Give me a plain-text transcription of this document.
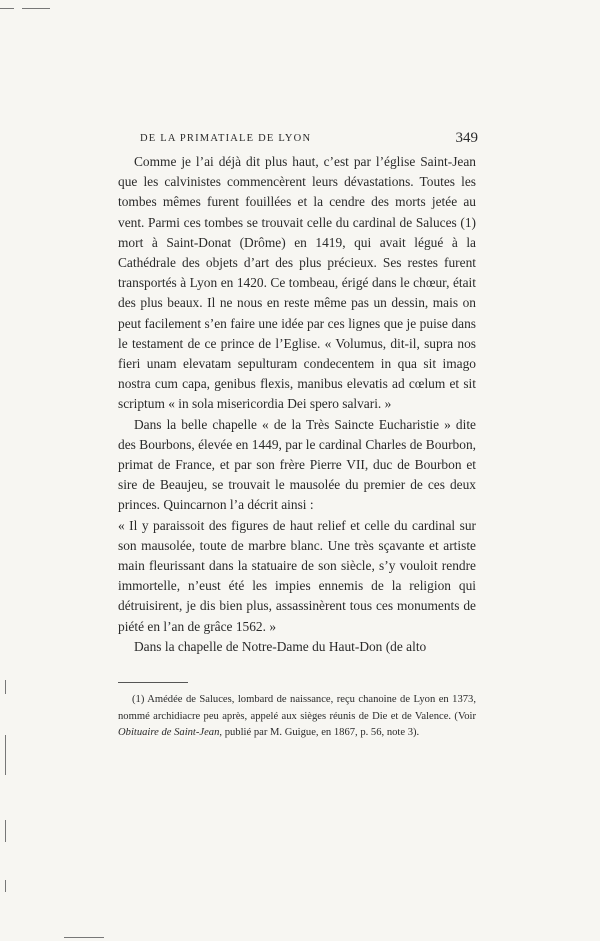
DE LA PRIMATIALE DE LYON	349

Comme je l’ai déjà dit plus haut, c’est par l’église Saint-Jean que les calvinistes commencèrent leurs dévastations. Toutes les tombes mêmes furent fouillées et la cendre des morts jetée au vent. Parmi ces tombes se trouvait celle du cardinal de Saluces (1) mort à Saint-Donat (Drôme) en 1419, qui avait légué à la Cathédrale des objets d’art des plus précieux. Ses restes furent transportés à Lyon en 1420. Ce tombeau, érigé dans le chœur, était des plus beaux. Il ne nous en reste même pas un dessin, mais on peut facilement s’en faire une idée par ces lignes que je puise dans le testament de ce prince de l’Eglise. « Volumus, dit-il, supra nos fieri unam elevatam sepulturam condecentem in qua sit imago nostra cum capa, genibus flexis, manibus elevatis ad cœlum et sit scriptum « in sola misericordia Dei spero salvari. »

Dans la belle chapelle « de la Très Saincte Eucharistie » dite des Bourbons, élevée en 1449, par le cardinal Charles de Bourbon, primat de France, et par son frère Pierre VII, duc de Bourbon et sire de Beaujeu, se trouvait le mausolée du premier de ces deux princes. Quincarnon l’a décrit ainsi :

« Il y paraissoit des figures de haut relief et celle du cardinal sur son mausolée, toute de marbre blanc. Une très sçavante et artiste main fleurissant dans la statuaire de son siècle, s’y vouloit rendre immortelle, n’eust été les impies ennemis de la religion qui détruisirent, je dis bien plus, assassinèrent tous ces monuments de piété en l’an de grâce 1562. »

Dans la chapelle de Notre-Dame du Haut-Don (de alto

(1) Amédée de Saluces, lombard de naissance, reçu chanoine de Lyon en 1373, nommé archidiacre peu après, appelé aux sièges réunis de Die et de Valence. (Voir Obituaire de Saint-Jean, publié par M. Guigue, en 1867, p. 56, note 3).
